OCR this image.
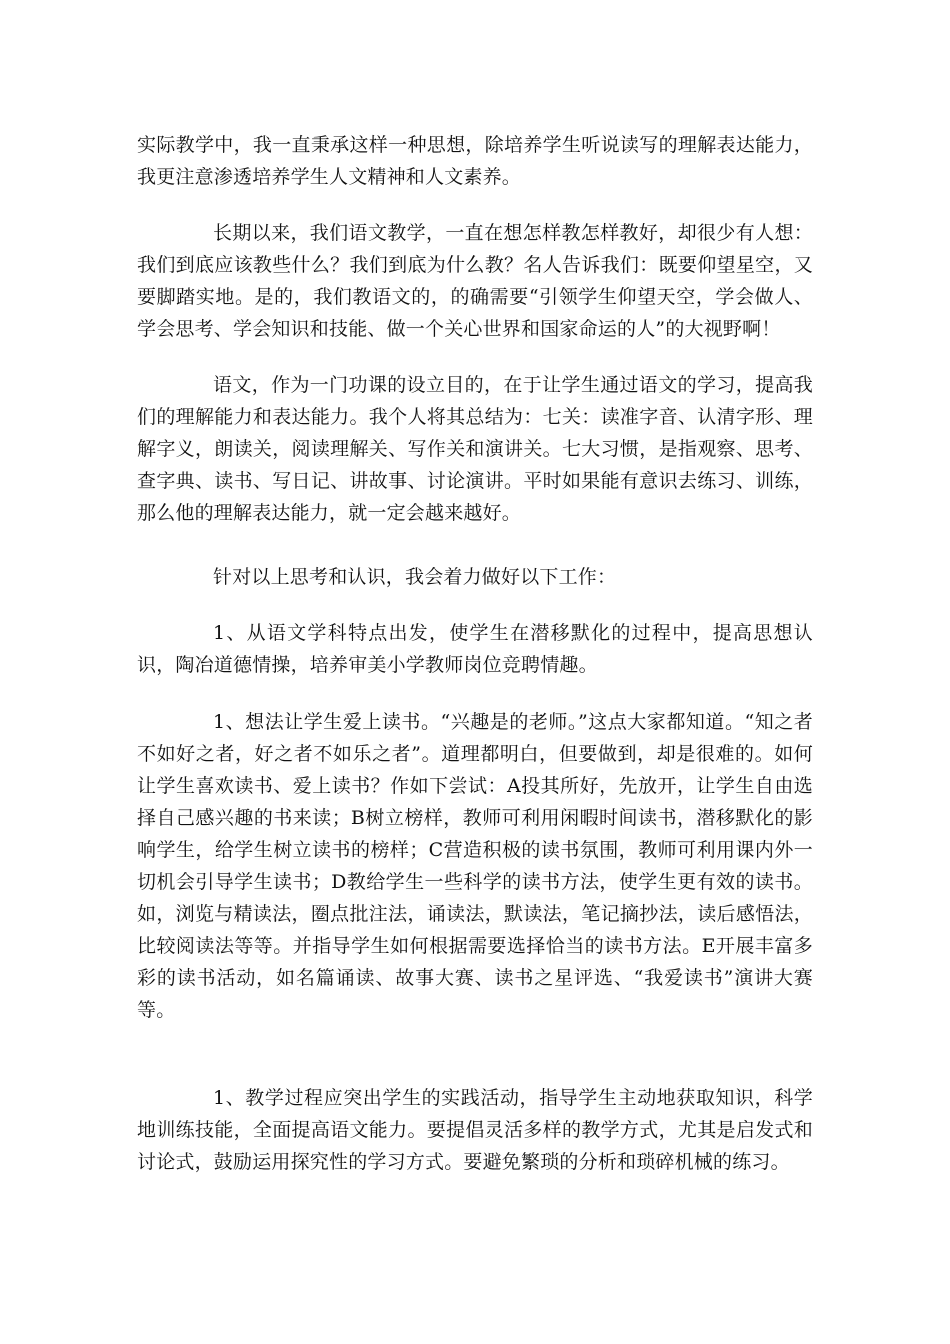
实际教学中，我一直秉承这样一种思想，除培养学生听说读写的理解表达能力，我更注意渗透培养学生人文精神和人文素养。

长期以来，我们语文教学，一直在想怎样教怎样教好，却很少有人想：我们到底应该教些什么？我们到底为什么教？名人告诉我们：既要仰望星空，又要脚踏实地。是的，我们教语文的，的确需要“引领学生仰望天空，学会做人、学会思考、学会知识和技能、做一个关心世界和国家命运的人”的大视野啊！

语文，作为一门功课的设立目的，在于让学生通过语文的学习，提高我们的理解能力和表达能力。我个人将其总结为：七关：读准字音、认清字形、理解字义，朗读关，阅读理解关、写作关和演讲关。七大习惯，是指观察、思考、查字典、读书、写日记、讲故事、讨论演讲。平时如果能有意识去练习、训练，那么他的理解表达能力，就一定会越来越好。

针对以上思考和认识，我会着力做好以下工作：

1、从语文学科特点出发，使学生在潜移默化的过程中，提高思想认识，陶冶道德情操，培养审美小学教师岗位竞聘情趣。

1、想法让学生爱上读书。“兴趣是的老师。”这点大家都知道。“知之者不如好之者，好之者不如乐之者”。道理都明白，但要做到，却是很难的。如何让学生喜欢读书、爱上读书？作如下尝试：A投其所好，先放开，让学生自由选择自己感兴趣的书来读；B树立榜样，教师可利用闲暇时间读书，潜移默化的影响学生，给学生树立读书的榜样；C营造积极的读书氛围，教师可利用课内外一切机会引导学生读书；D教给学生一些科学的读书方法，使学生更有效的读书。如，浏览与精读法，圈点批注法，诵读法，默读法，笔记摘抄法，读后感悟法，比较阅读法等等。并指导学生如何根据需要选择恰当的读书方法。E开展丰富多彩的读书活动，如名篇诵读、故事大赛、读书之星评选、“我爱读书”演讲大赛等。

1、教学过程应突出学生的实践活动，指导学生主动地获取知识，科学地训练技能，全面提高语文能力。要提倡灵活多样的教学方式，尤其是启发式和讨论式，鼓励运用探究性的学习方式。要避免繁琐的分析和琐碎机械的练习。
